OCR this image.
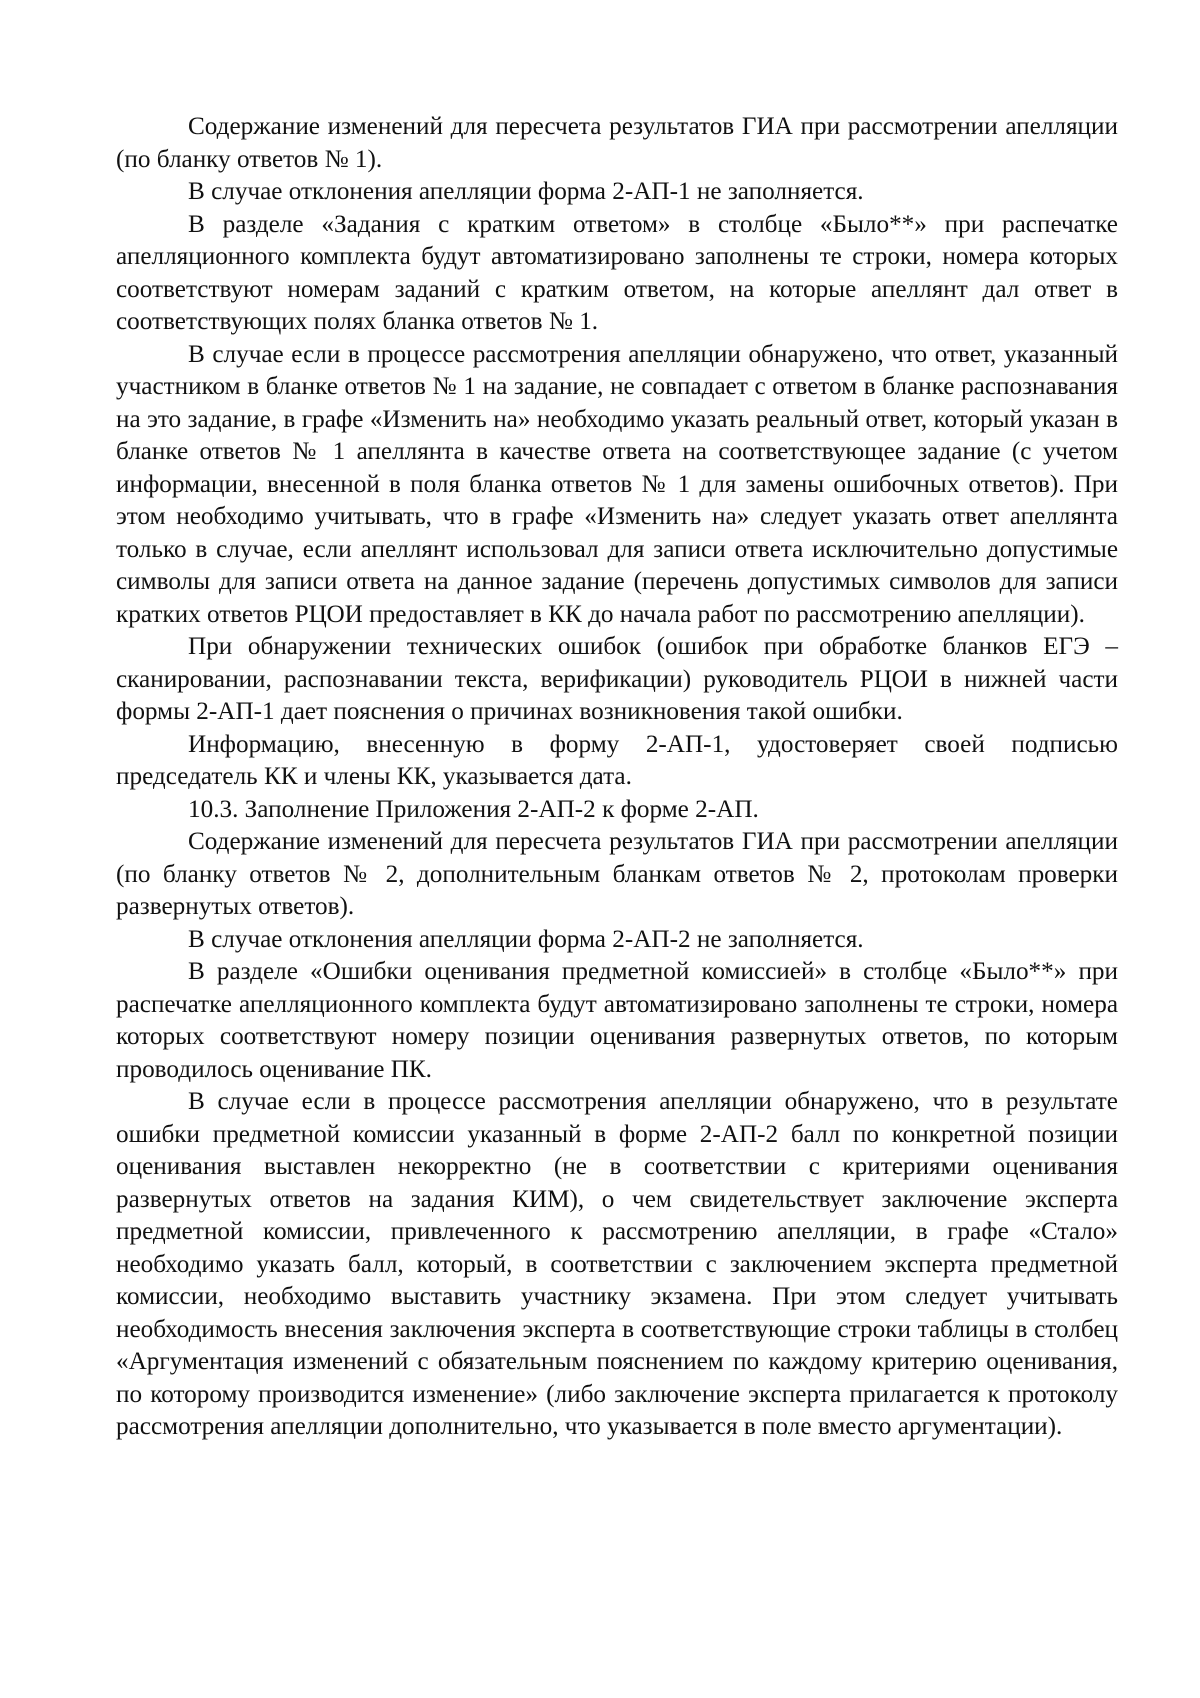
Содержание изменений для пересчета результатов ГИА при рассмотрении апелляции (по бланку ответов № 1).

В случае отклонения апелляции форма 2-АП-1 не заполняется.

В разделе «Задания с кратким ответом» в столбце «Было**» при распечатке апелляционного комплекта будут автоматизировано заполнены те строки, номера которых соответствуют номерам заданий с кратким ответом, на которые апеллянт дал ответ в соответствующих полях бланка ответов № 1.

В случае если в процессе рассмотрения апелляции обнаружено, что ответ, указанный участником в бланке ответов № 1 на задание, не совпадает с ответом в бланке распознавания на это задание, в графе «Изменить на» необходимо указать реальный ответ, который указан в бланке ответов № 1 апеллянта в качестве ответа на соответствующее задание (с учетом информации, внесенной в поля бланка ответов № 1 для замены ошибочных ответов). При этом необходимо учитывать, что в графе «Изменить на» следует указать ответ апеллянта только в случае, если апеллянт использовал для записи ответа исключительно допустимые символы для записи ответа на данное задание (перечень допустимых символов для записи кратких ответов РЦОИ предоставляет в КК до начала работ по рассмотрению апелляции).

При обнаружении технических ошибок (ошибок при обработке бланков ЕГЭ – сканировании, распознавании текста, верификации) руководитель РЦОИ в нижней части формы 2-АП-1 дает пояснения о причинах возникновения такой ошибки.

Информацию, внесенную в форму 2-АП-1, удостоверяет своей подписью председатель КК и члены КК, указывается дата.

10.3. Заполнение Приложения 2-АП-2 к форме 2-АП.

Содержание изменений для пересчета результатов ГИА при рассмотрении апелляции (по бланку ответов № 2, дополнительным бланкам ответов № 2, протоколам проверки развернутых ответов).

В случае отклонения апелляции форма 2-АП-2 не заполняется.

В разделе «Ошибки оценивания предметной комиссией» в столбце «Было**» при распечатке апелляционного комплекта будут автоматизировано заполнены те строки, номера которых соответствуют номеру позиции оценивания развернутых ответов, по которым проводилось оценивание ПК.

В случае если в процессе рассмотрения апелляции обнаружено, что в результате ошибки предметной комиссии указанный в форме 2-АП-2 балл по конкретной позиции оценивания выставлен некорректно (не в соответствии с критериями оценивания развернутых ответов на задания КИМ), о чем свидетельствует заключение эксперта предметной комиссии, привлеченного к рассмотрению апелляции, в графе «Стало» необходимо указать балл, который, в соответствии с заключением эксперта предметной комиссии, необходимо выставить участнику экзамена. При этом следует учитывать необходимость внесения заключения эксперта в соответствующие строки таблицы в столбец «Аргументация изменений с обязательным пояснением по каждому критерию оценивания, по которому производится изменение» (либо заключение эксперта прилагается к протоколу рассмотрения апелляции дополнительно, что указывается в поле вместо аргументации).
